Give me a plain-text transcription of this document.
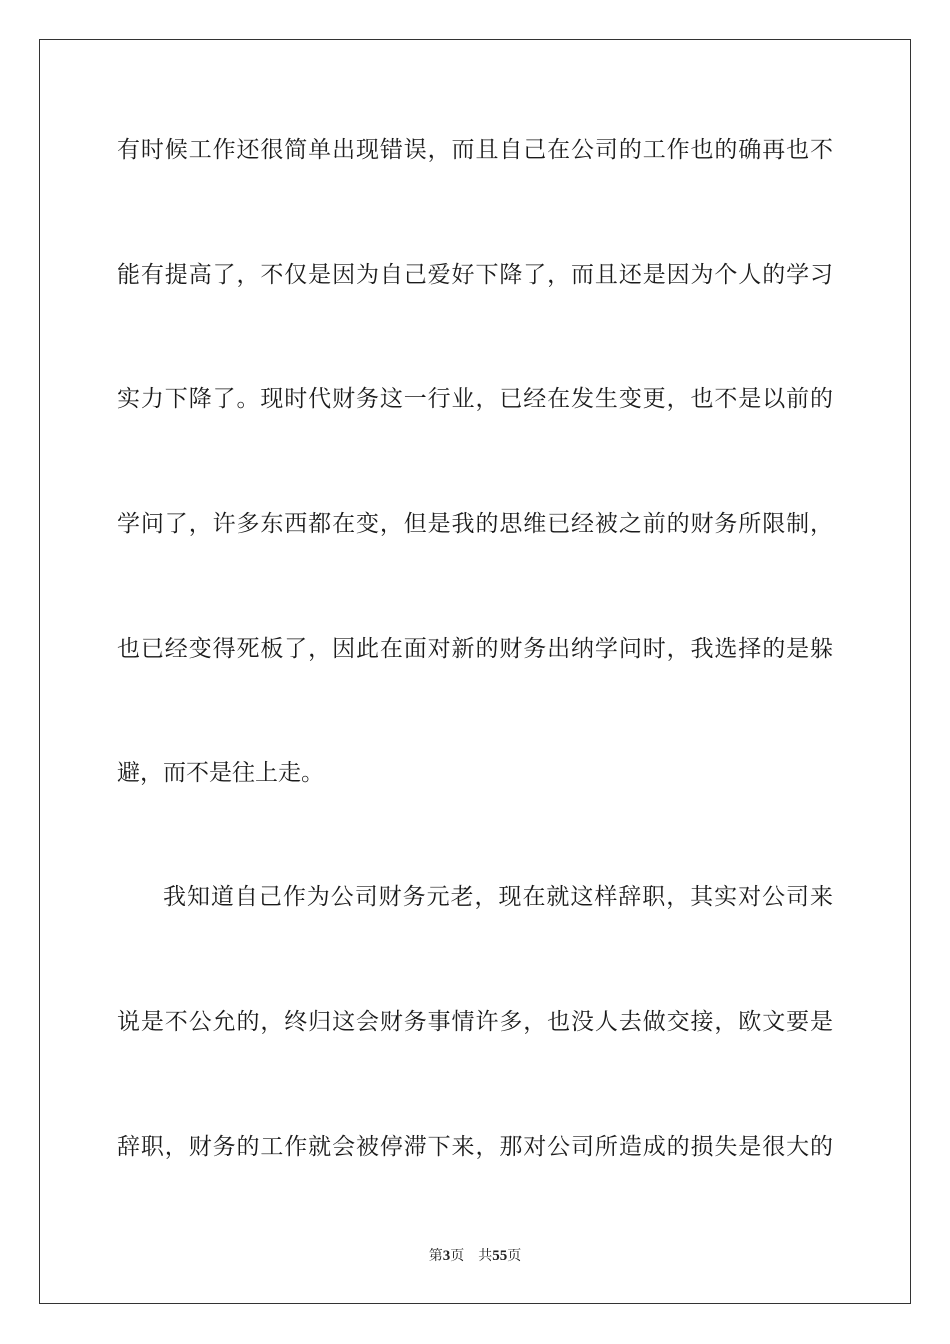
有时候工作还很简单出现错误，而且自己在公司的工作也的确再也不
能有提高了，不仅是因为自己爱好下降了，而且还是因为个人的学习
实力下降了。现时代财务这一行业，已经在发生变更，也不是以前的
学问了，许多东西都在变，但是我的思维已经被之前的财务所限制，
也已经变得死板了，因此在面对新的财务出纳学问时，我选择的是躲
避，而不是往上走。
我知道自己作为公司财务元老，现在就这样辞职，其实对公司来
说是不公允的，终归这会财务事情许多，也没人去做交接，欧文要是
辞职，财务的工作就会被停滞下来，那对公司所造成的损失是很大的
第3页 共55页
